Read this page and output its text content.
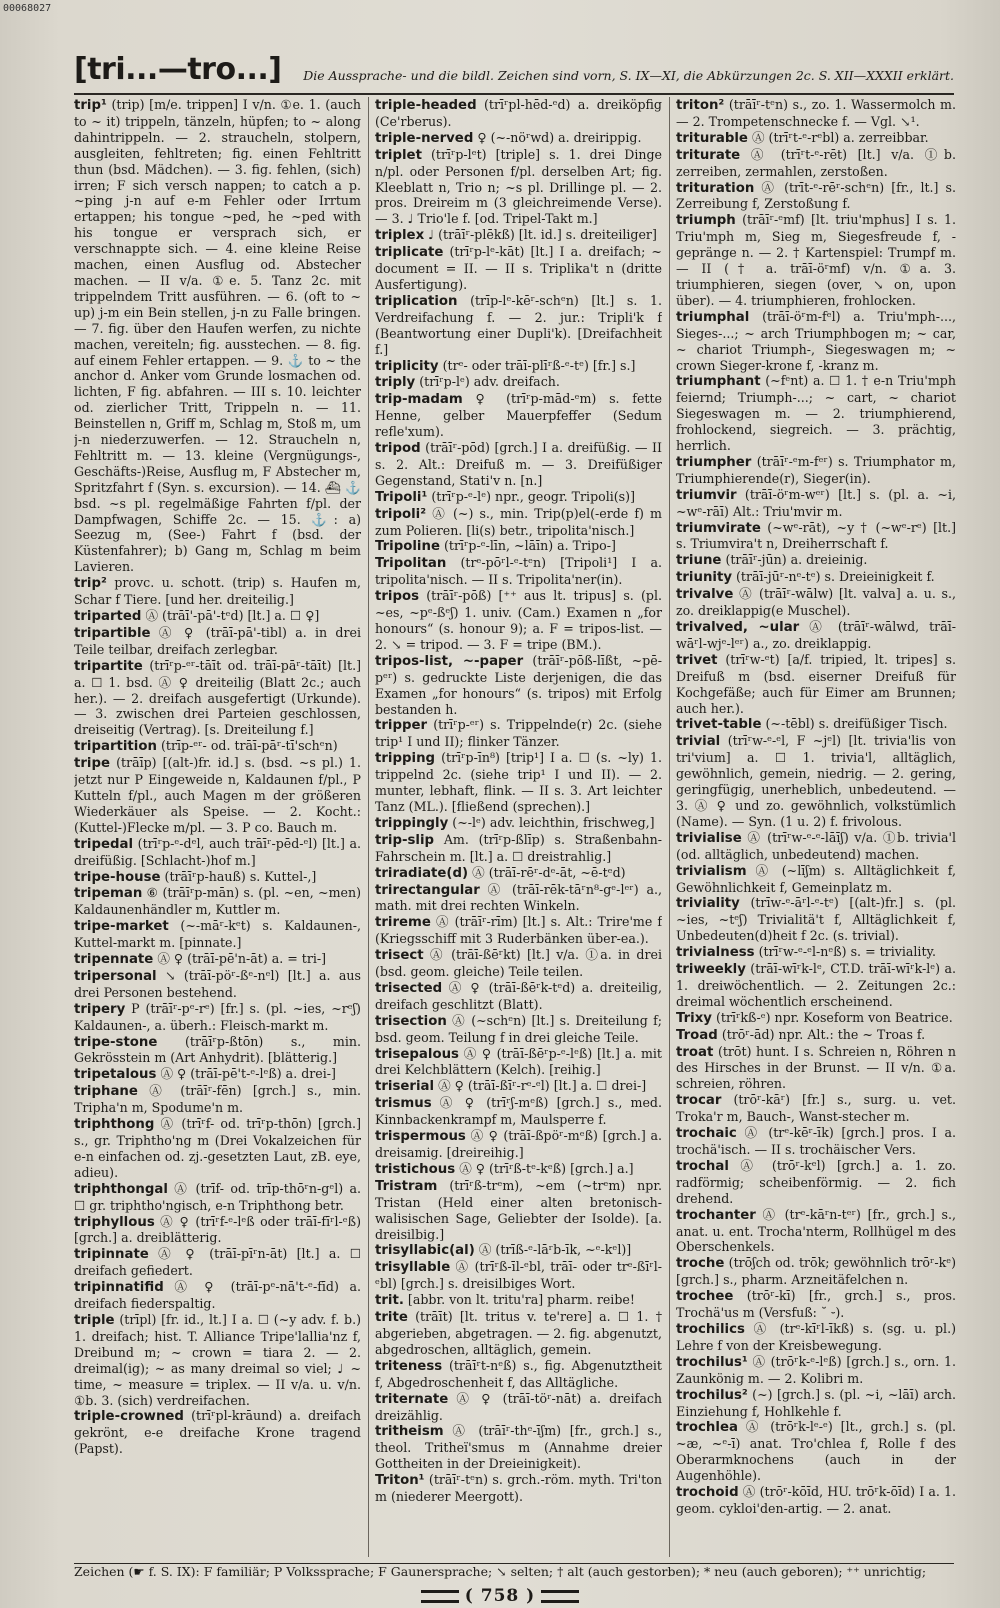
00068027
[tri...—tro...] Die Aussprache- und die bildl. Zeichen sind vorn, S. IX—XI, die Abkürzungen 2c. S. XII—XXXII erklärt.

trip¹ (trip) [m/e. trippen] I v/n. ①e. 1. (auch to ~ it) trippeln, tänzeln, hüpfen; to ~ along dahintrippeln. — 2. straucheln, stolpern, ausgleiten, fehltreten; fig. einen Fehltritt thun (bsd. Mädchen). — 3. fig. fehlen, (sich) irren; F sich versch nappen; to catch a p. ~ping j-n auf e-m Fehler oder Irrtum ertappen; his tongue ~ped, he ~ped with his tongue er versprach sich, er verschnappte sich. — 4. eine kleine Reise machen, einen Ausflug od. Abstecher machen. — II v/a. ①e. 5. Tanz 2c. mit trippelndem Tritt ausführen. — 6. (oft to ~ up) j-m ein Bein stellen, j-n zu Falle bringen. — 7. fig. über den Haufen werfen, zu nichte machen, vereiteln; fig. ausstechen. — 8. fig. auf einem Fehler ertappen. — 9. ⚓ to ~ the anchor d. Anker vom Grunde losmachen od. lichten, F fig. abfahren. — III s. 10. leichter od. zierlicher Tritt, Trippeln n. — 11. Beinstellen n, Griff m, Schlag m, Stoß m, um j-n niederzuwerfen. — 12. Straucheln n, Fehltritt m. — 13. kleine (Vergnügungs-, Geschäfts-)Reise, Ausflug m, F Abstecher m, Spritzfahrt f (Syn. s. excursion). — 14. ⛴ ⚓ bsd. ~s pl. regelmäßige Fahrten f/pl. der Dampfwagen, Schiffe 2c. — 15. ⚓: a) Seezug m, (See-) Fahrt f (bsd. der Küstenfahrer); b) Gang m, Schlag m beim Lavieren.

trip² provc. u. schott. (trip) s. Haufen m, Schar f Tiere. [und her. dreiteilig.]

triparted Ⓐ (trāī'-pā'-tᵉd) [lt.] a. ☐ ♀]

tripartible Ⓐ ♀ (trāī-pā'-tibl) a. in drei Teile teilbar, dreifach zerlegbar.

tripartite (trīʳp-ᵉʳ-tāīt od. trāī-pāʳ-tāīt) [lt.] a. ☐ 1. bsd. Ⓐ ♀ dreiteilig (Blatt 2c.; auch her.). — 2. dreifach ausgefertigt (Urkunde). — 3. zwischen drei Parteien geschlossen, dreiseitig (Vertrag). [s. Dreiteilung f.]

tripartition (trīp-ᵉʳ- od. trāī-pāʳ-tī'schᵉn)

tripe (trāīp) [(alt-)fr. id.] s. (bsd. ~s pl.) 1. jetzt nur P Eingeweide n, Kaldaunen f/pl., P Kutteln f/pl., auch Magen m der größeren Wiederkäuer als Speise. — 2. Kocht.: (Kuttel-)Flecke m/pl. — 3. P co. Bauch m.

tripedal (trīʳp-ᵉ-dᵉl, auch trāīʳ-pēd-ᵉl) [lt.] a. dreifüßig. [Schlacht-)hof m.]

tripe-house (trāīʳp-hauß) s. Kuttel-,]

tripeman ⑥ (trāīʳp-mān) s. (pl. ~en, ~men) Kaldaunenhändler m, Kuttler m.

tripe-market (~-māʳ-kᵉt) s. Kaldaunen-, Kuttel-markt m. [pinnate.]

tripennate Ⓐ ♀ (trāī-pē'n-āt) a. = tri-]

tripersonal ↘ (trāī-pöʳ-ßᵉ-nᵉl) [lt.] a. aus drei Personen bestehend.

tripery P (trāīʳ-pᵉ-rᵉ) [fr.] s. (pl. ~ies, ~rᵉʃ) Kaldaunen-, a. überh.: Fleisch-markt m.

tripe-stone (trāīʳp-ßtōn) s., min. Gekrösstein m (Art Anhydrit). [blätterig.]

tripetalous Ⓐ ♀ (trāī-pē't-ᵉ-lᵉß) a. drei-]

triphane Ⓐ (trāīʳ-fēn) [grch.] s., min. Tripha'n m, Spodume'n m.

triphthong Ⓐ (trīʳf- od. trīʳp-thōn) [grch.] s., gr. Triphtho'ng m (Drei Vokalzeichen für e-n einfachen od. zj.-gesetzten Laut, zB. eye, adieu).

triphthongal Ⓐ (trīf- od. trīp-thōʳn-gᵉl) a. ☐ gr. triphtho'ngisch, e-n Triphthong betr.

triphyllous Ⓐ ♀ (trīʳf-ᵉ-lᵉß oder trāī-fīʳl-ᵉß) [grch.] a. dreiblätterig.

tripinnate Ⓐ ♀ (trāī-pīʳn-āt) [lt.] a. ☐ dreifach gefiedert.

tripinnatifid Ⓐ ♀ (trāī-pᵉ-nā't-ᵉ-fīd) a. dreifach fiederspaltig.

triple (trīpl) [fr. id., lt.] I a. ☐ (~y adv. f. b.) 1. dreifach; hist. T. Alliance Tripe'lallia'nz f, Dreibund m; ~ crown = tiara 2. — 2. dreimal(ig); ~ as many dreimal so viel; ♩ ~ time, ~ measure = triplex. — II v/a. u. v/n. ①b. 3. (sich) verdreifachen.

triple-crowned (trīʳpl-krāund) a. dreifach gekrönt, e-e dreifache Krone tragend (Papst).

triple-headed (trīʳpl-hēd-ᵉd) a. dreiköpfig (Ce'rberus).

triple-nerved ♀ (~-nöʳwd) a. dreirippig.

triplet (trīʳp-lᵉt) [triple] s. 1. drei Dinge n/pl. oder Personen f/pl. derselben Art; fig. Kleeblatt n, Trio n; ~s pl. Drillinge pl. — 2. pros. Dreireim m (3 gleichreimende Verse). — 3. ♩ Trio'le f. [od. Tripel-Takt m.]

triplex ♩ (trāīʳ-plēkß) [lt. id.] s. dreiteiliger]

triplicate (trīʳp-lᵉ-kāt) [lt.] I a. dreifach; ~ document = II. — II s. Triplika't n (dritte Ausfertigung).

triplication (trīp-lᵉ-kēʳ-schᵉn) [lt.] s. 1. Verdreifachung f. — 2. jur.: Tripli'k f (Beantwortung einer Dupli'k). [Dreifachheit f.]

triplicity (trᵉ- oder trāī-plīʳß-ᵉ-tᵉ) [fr.] s.]

triply (trīʳp-lᵉ) adv. dreifach.

trip-madam ♀ (trīʳp-mād-ᵉm) s. fette Henne, gelber Mauerpfeffer (Sedum refle'xum).

tripod (trāīʳ-pōd) [grch.] I a. dreifüßig. — II s. 2. Alt.: Dreifuß m. — 3. Dreifüßiger Gegenstand, Stati'v n. [n.]

Tripoli¹ (trīʳp-ᵉ-lᵉ) npr., geogr. Tripoli(s)]

tripoli² Ⓐ (~) s., min. Trip(p)el(-erde f) m zum Polieren. [li(s) betr., tripolita'nisch.]

Tripoline (trīʳp-ᵉ-līn, ~lāīn) a. Tripo-]

Tripolitan (trᵉ-pōʳl-ᵉ-tᵉn) [Tripoli¹] I a. tripolita'nisch. — II s. Tripolita'ner(in).

tripos (trāīʳ-pōß) [⁺⁺ aus lt. tripus] s. (pl. ~es, ~pᵉ-ßᵉʃ) 1. univ. (Cam.) Examen n „for honours“ (s. honour 9); a. F = tripos-list. — 2. ↘ = tripod. — 3. F = tripe (BM.).

tripos-list, ~-paper (trāīʳ-pōß-līßt, ~pē-pᵉʳ) s. gedruckte Liste derjenigen, die das Examen „for honours“ (s. tripos) mit Erfolg bestanden h.

tripper (trīʳp-ᵉʳ) s. Trippelnde(r) 2c. (siehe trip¹ I und II); flinker Tänzer.

tripping (trīʳp-īn⁸) [trip¹] I a. ☐ (s. ~ly) 1. trippelnd 2c. (siehe trip¹ I und II). — 2. munter, lebhaft, flink. — II s. 3. Art leichter Tanz (ML.). [fließend (sprechen).]

trippingly (~-lᵉ) adv. leichthin, frischweg,]

trip-slip Am. (trīʳp-ßlīp) s. Straßenbahn-Fahrschein m. [lt.] a. ☐ dreistrahlig.]

triradiate(d) Ⓐ (trāī-rēʳ-dᵉ-āt, ~ē-tᵉd)

trirectangular Ⓐ (trāī-rēk-tāʳn⁸-gᵉ-lᵉʳ) a., math. mit drei rechten Winkeln.

trireme Ⓐ (trāīʳ-rīm) [lt.] s. Alt.: Trire'me f (Kriegsschiff mit 3 Ruderbänken über-ea.).

trisect Ⓐ (trāī-ßēʳkt) [lt.] v/a. ①a. in drei (bsd. geom. gleiche) Teile teilen.

trisected Ⓐ ♀ (trāī-ßēʳk-tᵉd) a. dreiteilig, dreifach geschlitzt (Blatt).

trisection Ⓐ (~schᵉn) [lt.] s. Dreiteilung f; bsd. geom. Teilung f in drei gleiche Teile.

trisepalous Ⓐ ♀ (trāī-ßēʳp-ᵉ-lᵉß) [lt.] a. mit drei Kelchblättern (Kelch). [reihig.]

triserial Ⓐ ♀ (trāī-ßīʳ-rᵉ-ᵉl) [lt.] a. ☐ drei-]

trismus Ⓐ ♀ (trīʳʃ-mᵉß) [grch.] s., med. Kinnbackenkrampf m, Maulsperre f.

trispermous Ⓐ ♀ (trāī-ßpöʳ-mᵉß) [grch.] a. dreisamig. [dreireihig.]

tristichous Ⓐ ♀ (trīʳß-tᵉ-kᵉß) [grch.] a.]

Tristram (trīʳß-trᵉm), ~em (~trᵉm) npr. Tristan (Held einer alten bretonisch-walisischen Sage, Geliebter der Isolde). [a. dreisilbig.]

trisyllabic(al) Ⓐ (trīß-ᵉ-lāʳb-īk, ~ᵉ-kᵉl)]

trisyllable Ⓐ (trīʳß-īl-ᵉbl, trāī- oder trᵉ-ßīʳl-ᵉbl) [grch.] s. dreisilbiges Wort.

trit. [abbr. von lt. tritu'ra] pharm. reibe!

trite (trāīt) [lt. tritus v. te'rere] a. ☐ 1. † abgerieben, abgetragen. — 2. fig. abgenutzt, abgedroschen, alltäglich, gemein.

triteness (trāīʳt-nᵉß) s., fig. Abgenutztheit f, Abgedroschenheit f, das Alltägliche.

triternate Ⓐ ♀ (trāī-töʳ-nāt) a. dreifach dreizählig.

tritheism Ⓐ (trāīʳ-thᵉ-īʃm) [fr., grch.] s., theol. Tritheï'smus m (Annahme dreier Gottheiten in der Dreieinigkeit).

Triton¹ (trāīʳ-tᵉn) s. grch.-röm. myth. Tri'ton m (niederer Meergott).

triton² (trāīʳ-tᵉn) s., zo. 1. Wassermolch m. — 2. Trompetenschnecke f. — Vgl. ↘¹.

triturable Ⓐ (trīʳt-ᵉ-rᵉbl) a. zerreibbar.

triturate Ⓐ (trīʳt-ᵉ-rēt) [lt.] v/a. ①b. zerreiben, zermahlen, zerstoßen.

trituration Ⓐ (trīt-ᵉ-rēʳ-schᵉn) [fr., lt.] s. Zerreibung f, Zerstoßung f.

triumph (trāīʳ-ᵉmf) [lt. triu'mphus] I s. 1. Triu'mph m, Sieg m, Siegesfreude f, -gepränge n. — 2. † Kartenspiel: Trumpf m. — II († a. trāī-öʳmf) v/n. ①a. 3. triumphieren, siegen (over, ↘ on, upon über). — 4. triumphieren, frohlocken.

triumphal (trāī-öʳm-fᵉl) a. Triu'mph-..., Sieges-...; ~ arch Triumphbogen m; ~ car, ~ chariot Triumph-, Siegeswagen m; ~ crown Sieger-krone f, -kranz m.

triumphant (~fᵉnt) a. ☐ 1. † e-n Triu'mph feiernd; Triumph-...; ~ cart, ~ chariot Siegeswagen m. — 2. triumphierend, frohlockend, siegreich. — 3. prächtig, herrlich.

triumpher (trāīʳ-ᵉm-fᵉʳ) s. Triumphator m, Triumphierende(r), Sieger(in).

triumvir (trāī-öʳm-wᵉʳ) [lt.] s. (pl. a. ~i, ~wᵉ-rāī) Alt.: Triu'mvir m.

triumvirate (~wᵉ-rāt), ~y † (~wᵉ-rᵉ) [lt.] s. Triumvira't n, Dreiherrschaft f.

triune (trāīʳ-jūn) a. dreieinig.

triunity (trāī-jūʳ-nᵉ-tᵉ) s. Dreieinigkeit f.

trivalve Ⓐ (trāīʳ-wālw) [lt. valva] a. u. s., zo. dreiklappig(e Muschel).

trivalved, ~ular Ⓐ (trāīʳ-wālwd, trāī-wāʳl-wjᵉ-lᵉʳ) a., zo. dreiklappig.

trivet (trīʳw-ᵉt) [a/f. tripied, lt. tripes] s. Dreifuß m (bsd. eiserner Dreifuß für Kochgefäße; auch für Eimer am Brunnen; auch her.).

trivet-table (~-tēbl) s. dreifüßiger Tisch.

trivial (trīʳw-ᵉ-ᵉl, F ~jᵉl) [lt. trivia'lis von tri'vium] a. ☐ 1. trivia'l, alltäglich, gewöhnlich, gemein, niedrig. — 2. gering, geringfügig, unerheblich, unbedeutend. — 3. Ⓐ ♀ und zo. gewöhnlich, volkstümlich (Name). — Syn. (1 u. 2) f. frivolous.

trivialise Ⓐ (trīʳw-ᵉ-ᵉ-lāīʃ) v/a. ①b. trivia'l (od. alltäglich, unbedeutend) machen.

trivialism Ⓐ (~līʃm) s. Alltäglichkeit f, Gewöhnlichkeit f, Gemeinplatz m.

triviality (trīw-ᵉ-āʳl-ᵉ-tᵉ) [(alt-)fr.] s. (pl. ~ies, ~tᵉʃ) Trivialitä't f, Alltäglichkeit f, Unbedeuten(d)heit f 2c. (s. trivial).

trivialness (trīʳw-ᵉ-ᵉl-nᵉß) s. = triviality.

triweekly (trāī-wīʳk-lᵉ, CT.D. trāī-wīʳk-lᵉ) a. 1. dreiwöchentlich. — 2. Zeitungen 2c.: dreimal wöchentlich erscheinend.

Trixy (trīʳkß-ᵉ) npr. Koseform von Beatrice.

Troad (trōʳ-ād) npr. Alt.: the ~ Troas f.

troat (trōt) hunt. I s. Schreien n, Röhren n des Hirsches in der Brunst. — II v/n. ①a. schreien, röhren.

trocar (trōʳ-kāʳ) [fr.] s., surg. u. vet. Troka'r m, Bauch-, Wanst-stecher m.

trochaic Ⓐ (trᵉ-kēʳ-īk) [grch.] pros. I a. trochä'isch. — II s. trochäischer Vers.

trochal Ⓐ (trōʳ-kᵉl) [grch.] a. 1. zo. radförmig; scheibenförmig. — 2. fich drehend.

trochanter Ⓐ (trᵉ-kāʳn-tᵉʳ) [fr., grch.] s., anat. u. ent. Trocha'nterm, Rollhügel m des Oberschenkels.

troche (trōʃch od. trōk; gewöhnlich trōʳ-kᵉ) [grch.] s., pharm. Arzneitäfelchen n.

trochee (trōʳ-kī) [fr., grch.] s., pros. Trochä'us m (Versfuß: ˘ ⏑).

trochilics Ⓐ (trᵉ-kīʳl-īkß) s. (sg. u. pl.) Lehre f von der Kreisbewegung.

trochilus¹ Ⓐ (trōʳk-ᵉ-lᵉß) [grch.] s., orn. 1. Zaunkönig m. — 2. Kolibri m.

trochilus² (~) [grch.] s. (pl. ~i, ~lāī) arch. Einziehung f, Hohlkehle f.

trochlea Ⓐ (trōʳk-lᵉ-ᵉ) [lt., grch.] s. (pl. ~æ, ~ᵉ-ī) anat. Tro'chlea f, Rolle f des Oberarmknochens (auch in der Augenhöhle).

trochoid Ⓐ (trōʳ-kōīd, HU. trōʳk-ōīd) I a. 1. geom. cykloi'den-artig. — 2. anat.

Zeichen (☛ f. S. IX): F familiär; P Volkssprache; F Gaunersprache; ↘ selten; † alt (auch gestorben); * neu (auch geboren); ⁺⁺ unrichtig;
( 758 )
